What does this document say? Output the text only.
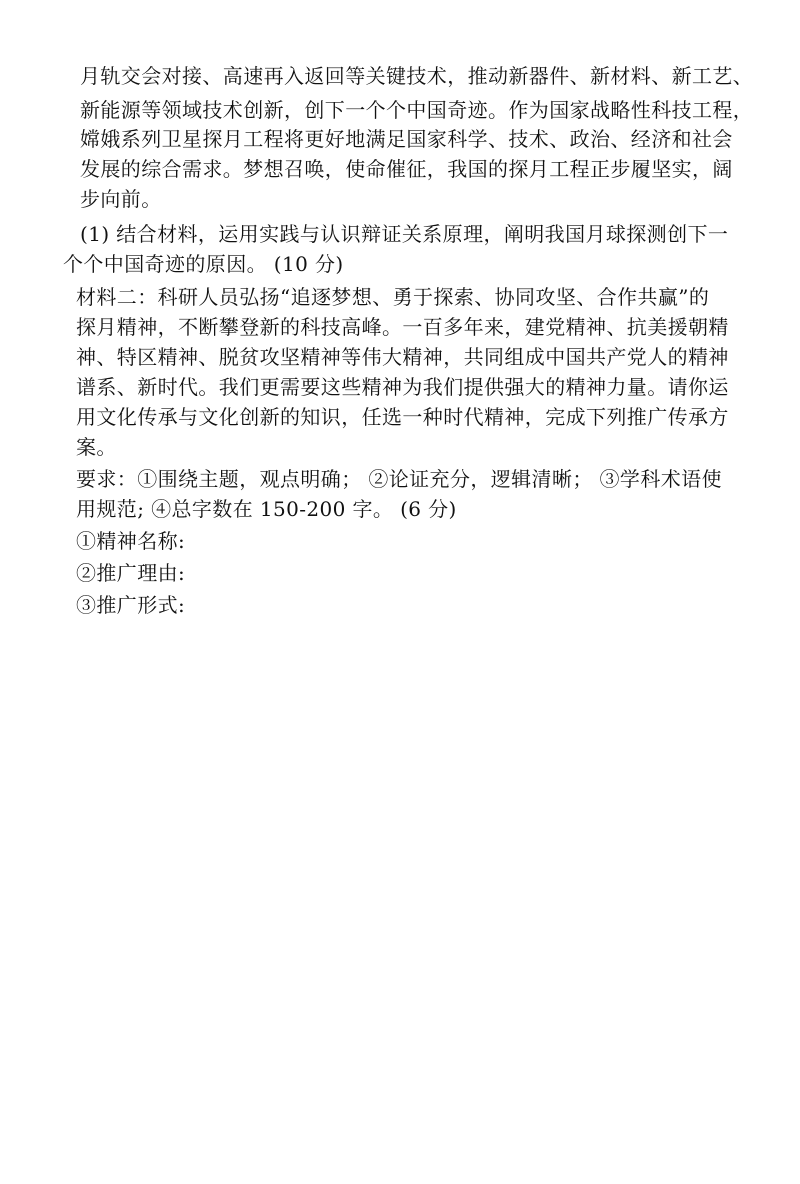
月轨交会对接、高速再入返回等关键技术，推动新器件、新材料、新工艺、
新能源等领域技术创新，创下一个个中国奇迹。作为国家战略性科技工程，
嫦娥系列卫星探月工程将更好地满足国家科学、技术、政治、经济和社会
发展的综合需求。梦想召唤，使命催征，我国的探月工程正步履坚实，阔
步向前。
(1) 结合材料，运用实践与认识辩证关系原理，阐明我国月球探测创下一
个个中国奇迹的原因。 (10 分)
材料二：科研人员弘扬“追逐梦想、勇于探索、协同攻坚、合作共赢”的
探月精神，不断攀登新的科技高峰。一百多年来，建党精神、抗美援朝精
神、特区精神、脱贫攻坚精神等伟大精神，共同组成中国共产党人的精神
谱系、新时代。我们更需要这些精神为我们提供强大的精神力量。请你运
用文化传承与文化创新的知识，任选一种时代精神，完成下列推广传承方
案。
要求：①围绕主题，观点明确； ②论证充分，逻辑清晰； ③学科术语使
用规范; ④总字数在 150-200 字。 (6 分)
①精神名称:
②推广理由:
③推广形式:
